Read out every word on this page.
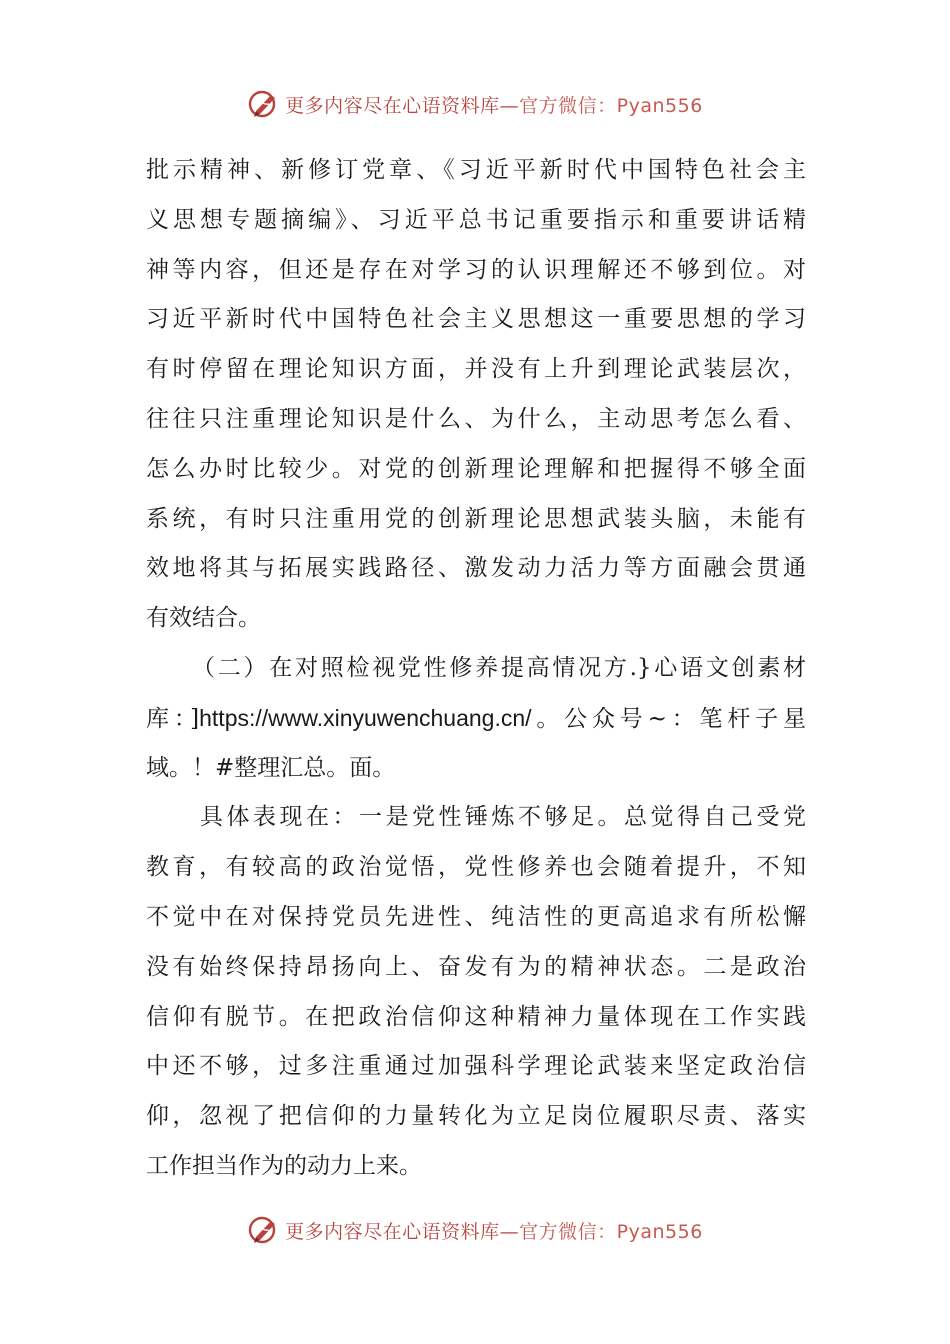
更多内容尽在心语资料库—官方微信：Pyan556
批示精神、新修订党章、《习近平新时代中国特色社会主
义思想专题摘编》、习近平总书记重要指示和重要讲话精
神等内容，但还是存在对学习的认识理解还不够到位。对
习近平新时代中国特色社会主义思想这一重要思想的学习
有时停留在理论知识方面，并没有上升到理论武装层次，
往往只注重理论知识是什么、为什么，主动思考怎么看、
怎么办时比较少。对党的创新理论理解和把握得不够全面
系统，有时只注重用党的创新理论思想武装头脑，未能有
效地将其与拓展实践路径、激发动力活力等方面融会贯通
有效结合。
（二）在对照检视党性修养提高情况方.}心语文创素材
库：]https://www.xinyuwenchuang.cn/。公众号~：笔杆子星
域。！#整理汇总。面。
具体表现在：一是党性锤炼不够足。总觉得自己受党
教育，有较高的政治觉悟，党性修养也会随着提升，不知
不觉中在对保持党员先进性、纯洁性的更高追求有所松懈
没有始终保持昂扬向上、奋发有为的精神状态。二是政治
信仰有脱节。在把政治信仰这种精神力量体现在工作实践
中还不够，过多注重通过加强科学理论武装来坚定政治信
仰，忽视了把信仰的力量转化为立足岗位履职尽责、落实
工作担当作为的动力上来。
更多内容尽在心语资料库—官方微信：Pyan556
